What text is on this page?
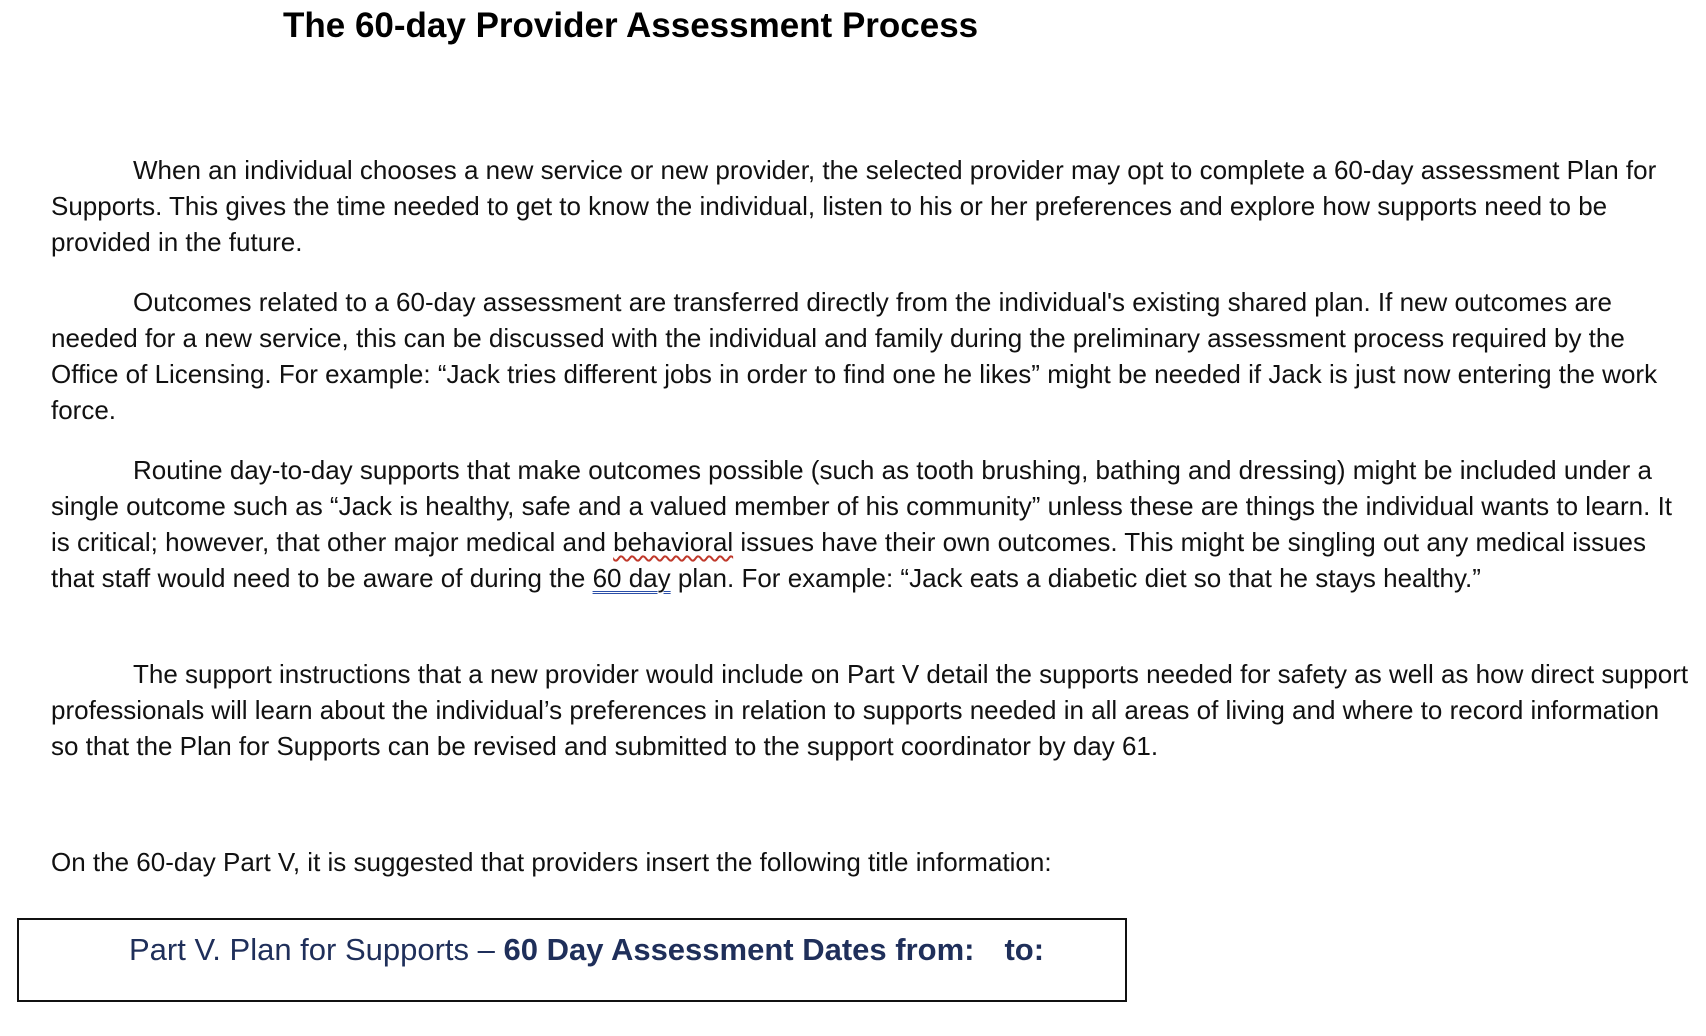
The 60-day Provider Assessment Process

When an individual chooses a new service or new provider, the selected provider may opt to complete a 60-day assessment Plan for Supports. This gives the time needed to get to know the individual, listen to his or her preferences and explore how supports need to be provided in the future.

Outcomes related to a 60-day assessment are transferred directly from the individual's existing shared plan. If new outcomes are needed for a new service, this can be discussed with the individual and family during the preliminary assessment process required by the Office of Licensing. For example: “Jack tries different jobs in order to find one he likes” might be needed if Jack is just now entering the work force.

Routine day-to-day supports that make outcomes possible (such as tooth brushing, bathing and dressing) might be included under a single outcome such as “Jack is healthy, safe and a valued member of his community” unless these are things the individual wants to learn. It is critical; however, that other major medical and behavioral issues have their own outcomes. This might be singling out any medical issues that staff would need to be aware of during the 60 day plan. For example: “Jack eats a diabetic diet so that he stays healthy.”

The support instructions that a new provider would include on Part V detail the supports needed for safety as well as how direct support professionals will learn about the individual’s preferences in relation to supports needed in all areas of living and where to record information so that the Plan for Supports can be revised and submitted to the support coordinator by day 61.

On the 60-day Part V, it is suggested that providers insert the following title information:

Part V. Plan for Supports – 60 Day Assessment Dates from: to:
